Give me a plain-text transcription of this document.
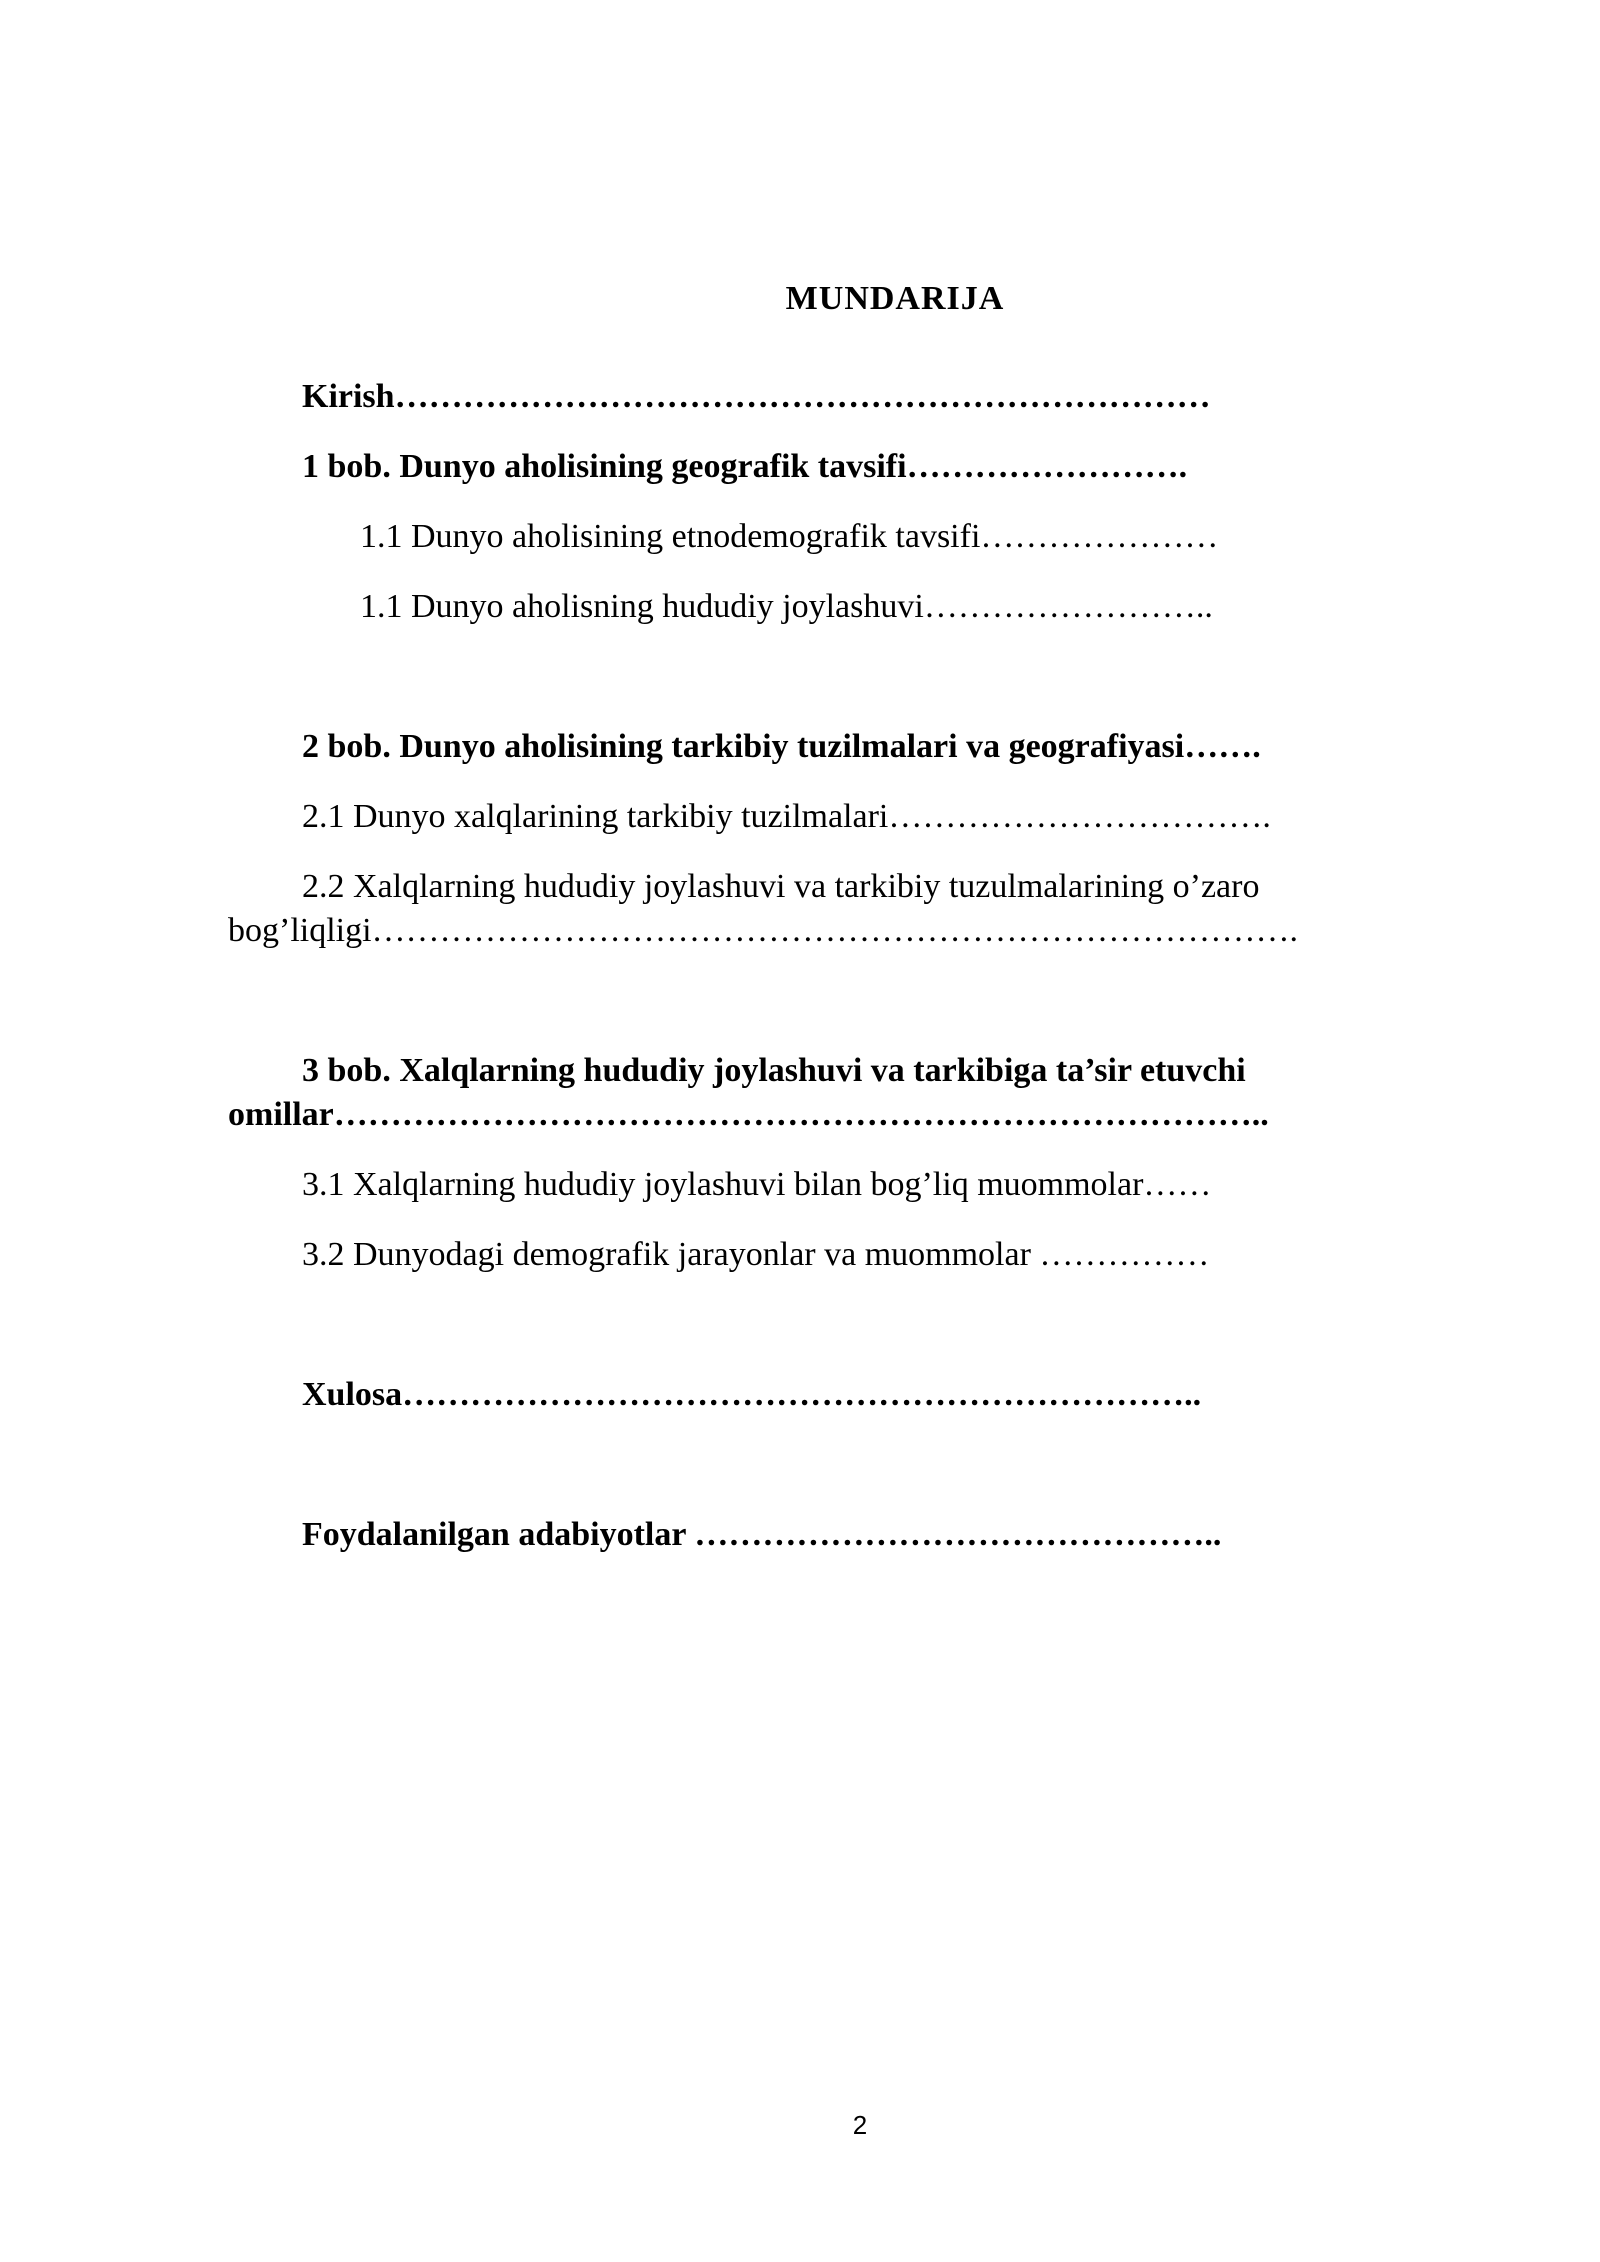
MUNDARIJA
Kirish………………………………………………………………
1 bob. Dunyo aholisining geografik tavsifi…………………….
1.1 Dunyo aholisining etnodemografik tavsifi…………………
1.1 Dunyo aholisning hududiy joylashuvi……………………..
2 bob. Dunyo aholisining tarkibiy tuzilmalari va geografiyasi…….
2.1 Dunyo xalqlarining tarkibiy tuzilmalari…………………………….
2.2 Xalqlarning hududiy joylashuvi va tarkibiy tuzulmalarining o’zaro
bog’liqligi……………………………………………………………………….
3 bob. Xalqlarning hududiy joylashuvi va tarkibiga ta’sir etuvchi
omillar………………………………………………………………………..
3.1 Xalqlarning hududiy joylashuvi bilan bog’liq muommolar……
3.2 Dunyodagi demografik jarayonlar va muommolar ……………
Xulosa……………………………………………………………..
Foydalanilgan adabiyotlar ………………………………………..
2
